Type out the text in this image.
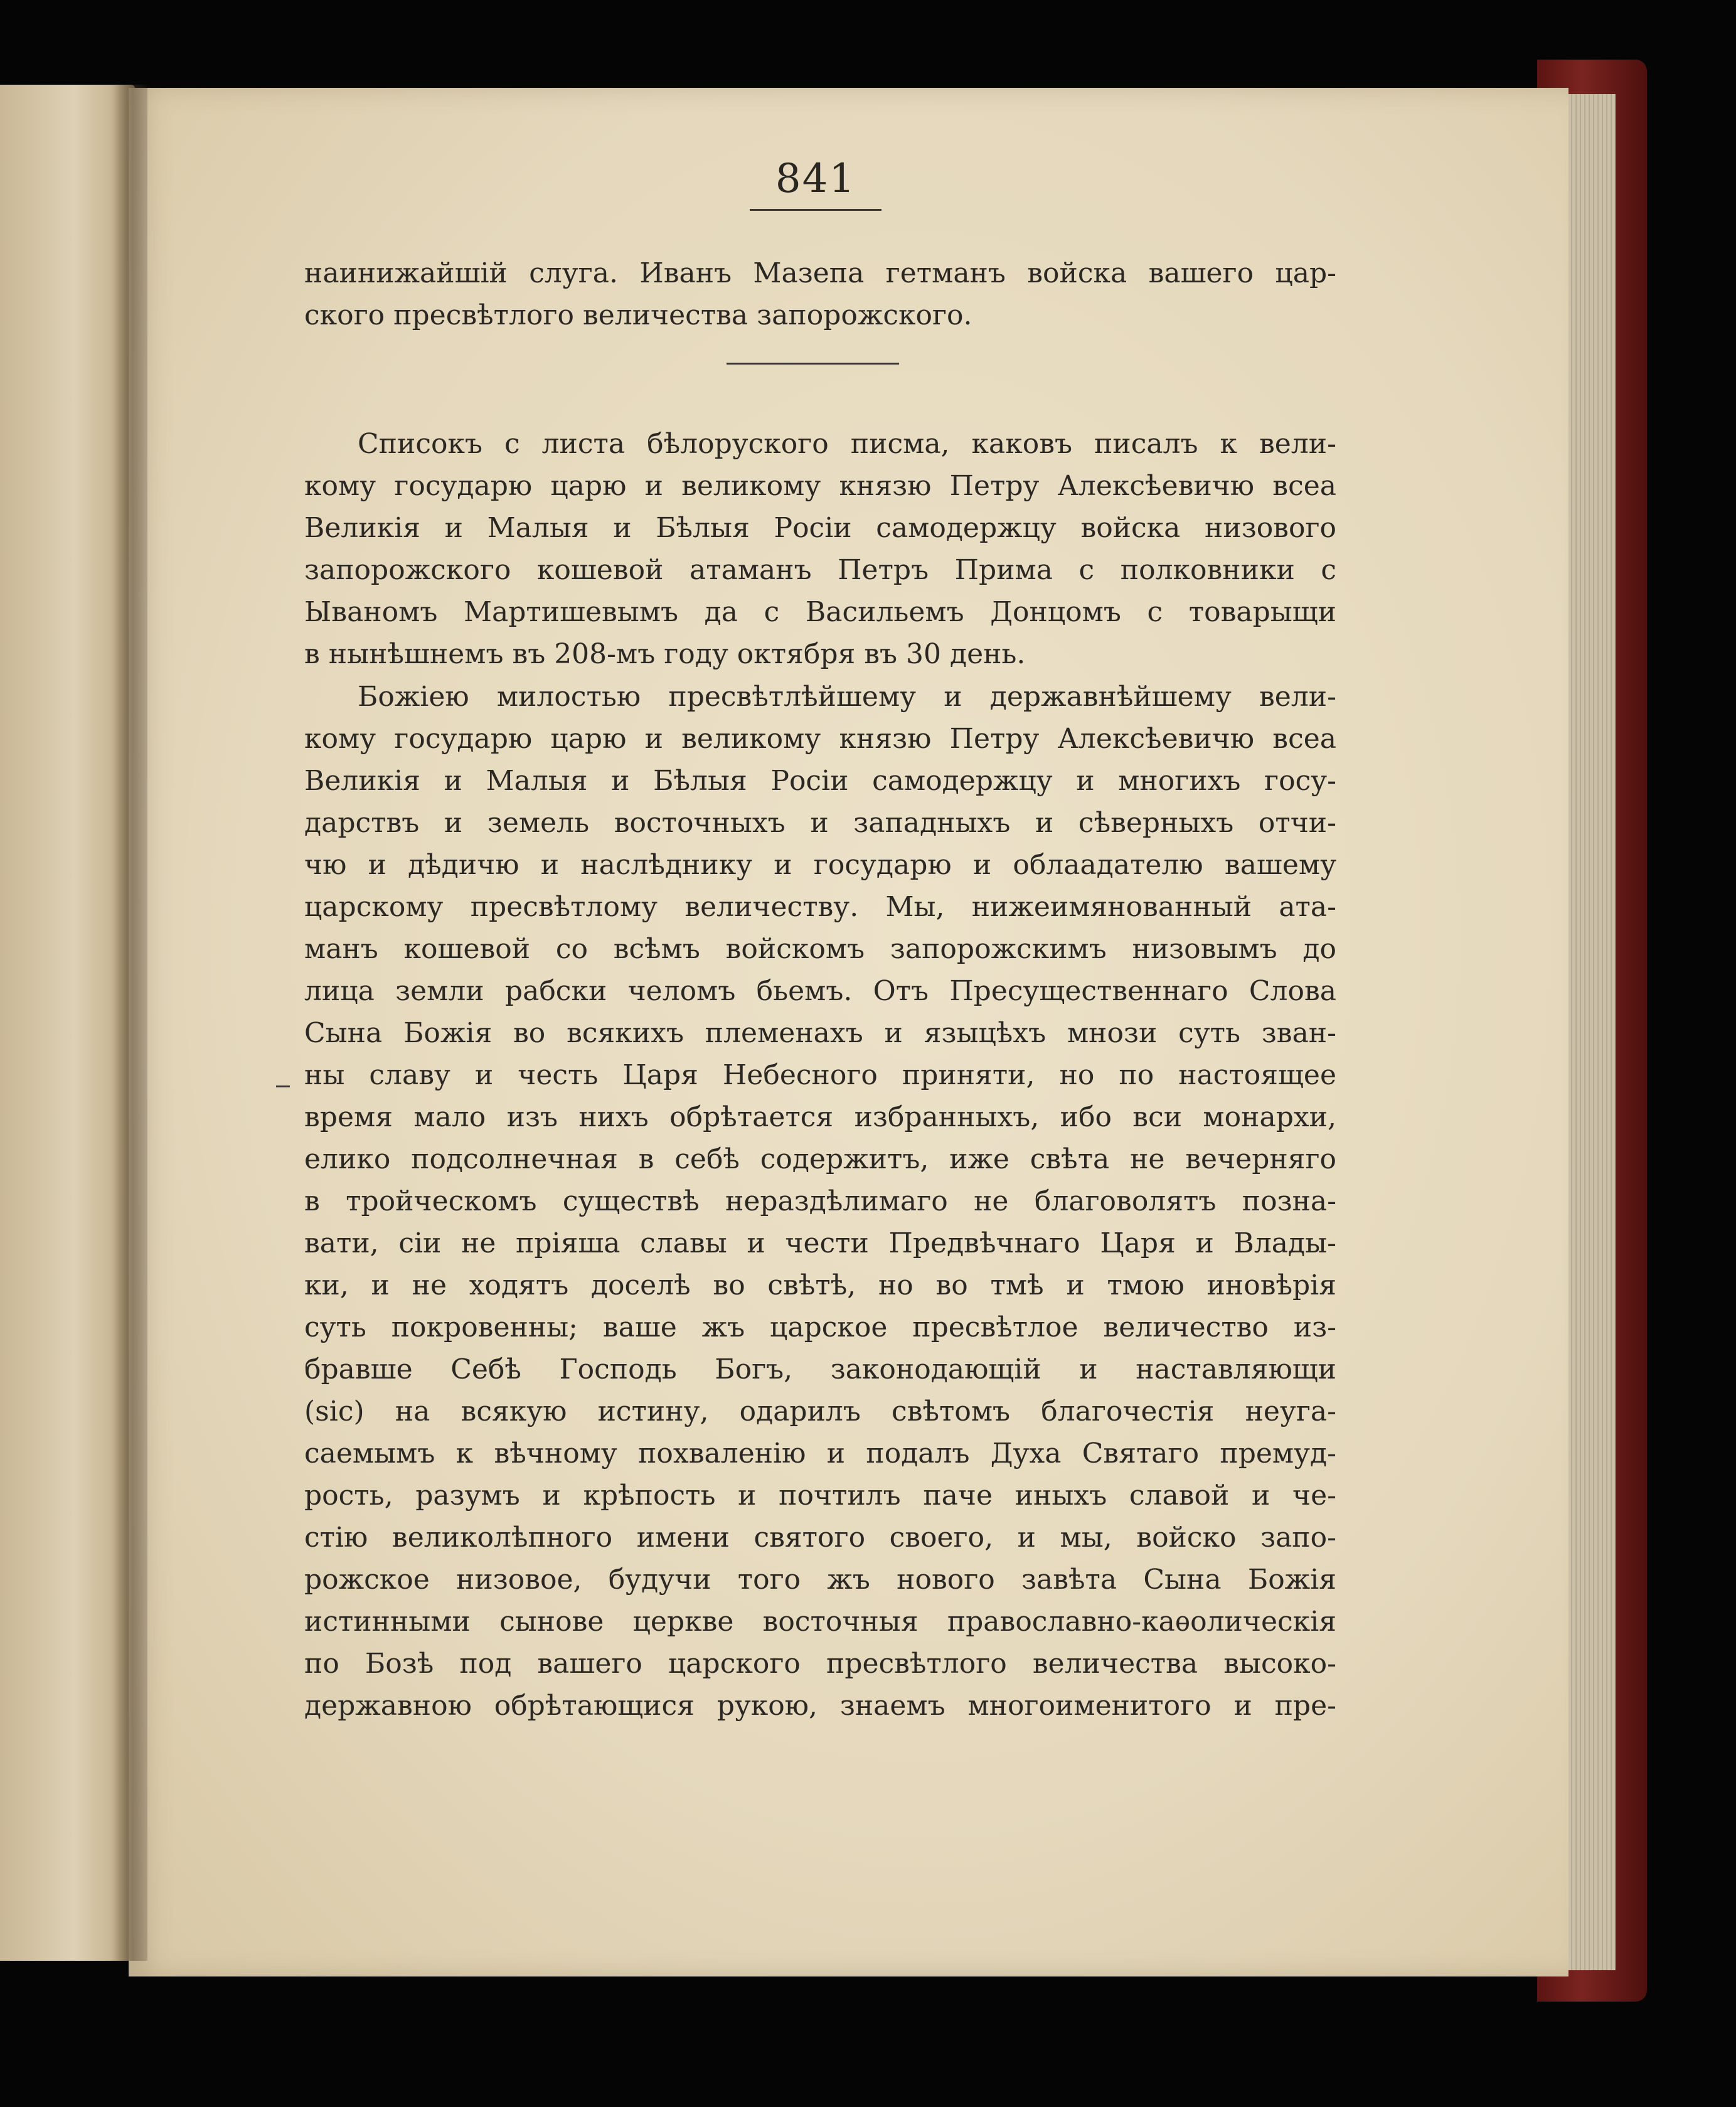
841
наинижайшій слуга. Иванъ Мазепа гетманъ войска вашего цар-
ского пресвѣтлого величества запорожского.
Списокъ с листа бѣлорускoго писма, каковъ писалъ к вели-
кому государю царю и великому князю Петру Алексѣевичю всеа
Великія и Малыя и Бѣлыя Росіи самодержцу войска низового
запорожского кошевой атаманъ Петръ Прима с полковники с
Ываномъ Мартишевымъ да с Васильемъ Донцомъ с товарыщи
в нынѣшнемъ въ 208-мъ году октября въ 30 день.
Божіею милостью пресвѣтлѣйшему и державнѣйшему вели-
кому государю царю и великому князю Петру Алексѣевичю всеа
Великія и Малыя и Бѣлыя Росіи самодержцу и многихъ госу-
дарствъ и земель восточныхъ и западныхъ и сѣверныхъ отчи-
чю и дѣдичю и наслѣднику и государю и облаадателю вашему
царскому пресвѣтлому величеству. Мы, нижеимянованный ата-
манъ кошевой со всѣмъ войскомъ запорожскимъ низовымъ до
лица земли рабски челомъ бьемъ. Отъ Пресущественнаго Слова
Сына Божія во всякихъ племенахъ и языцѣхъ мнози суть зван-
ны славу и честь Царя Небесного приняти, но по настоящее
время мало изъ нихъ обрѣтается избранныхъ, ибо вси монархи,
елико подсолнечная в себѣ содержитъ, иже свѣта не вечерняго
в тройческомъ существѣ нераздѣлимаго не благоволятъ позна-
вати, сіи не пріяша славы и чести Предвѣчнаго Царя и Влады-
ки, и не ходятъ доселѣ во свѣтѣ, но во тмѣ и тмою иновѣрія
суть покровенны; ваше жъ царское пресвѣтлое величество из-
бравше Себѣ Господь Богъ, законодающій и наставляющи
(sic) на всякую истину, одарилъ свѣтомъ благочестія неуга-
саемымъ к вѣчному похваленію и подалъ Духа Святаго премуд-
рость, разумъ и крѣпость и почтилъ паче иныхъ славой и че-
стію великолѣпного имени святого своего, и мы, войско запо-
рожское низовое, будучи того жъ нового завѣта Сына Божія
истинными сынове церкве восточныя православно-каѳолическія
по Бозѣ под вашего царского пресвѣтлого величества высоко-
державною обрѣтающися рукою, знаемъ многоименитого и пре-
